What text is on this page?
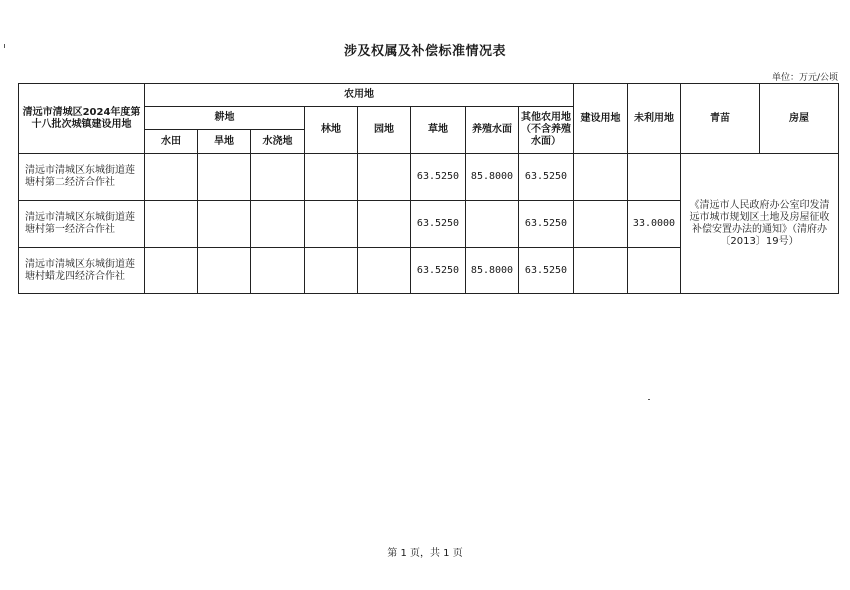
涉及权属及补偿标准情况表
单位：万元/公顷
清远市清城区2024年度第十八批次城镇建设用地	农用地								建设用地	未利用地	青苗	房屋
	耕地			林地	园地	草地	养殖水面	其他农用地（不含养殖水面）				
	水田	旱地	水浇地									
清远市清城区东城街道莲塘村第二经济合作社						63.5250	85.8000	63.5250			《清远市人民政府办公室印发清远市城市规划区土地及房屋征收补偿安置办法的通知》（清府办〔2013〕19号）	
清远市清城区东城街道莲塘村第一经济合作社						63.5250		63.5250		33.0000		
清远市清城区东城街道莲塘村蜡龙四经济合作社						63.5250	85.8000	63.5250				
第 1 页，共 1 页
